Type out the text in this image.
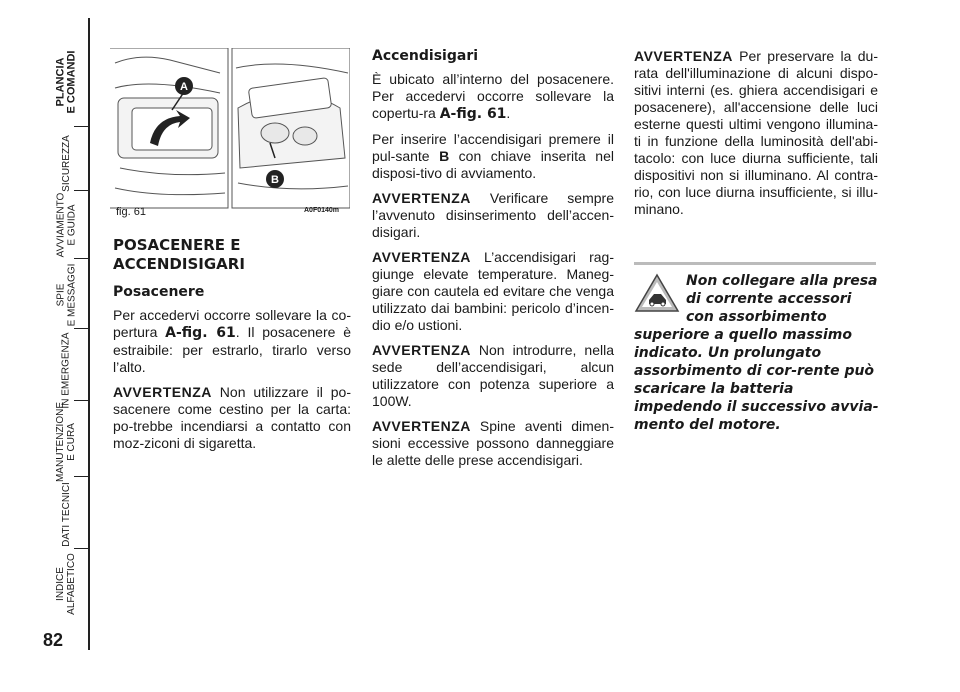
PLANCIA
E COMANDI
SICUREZZA
AVVIAMENTO
E GUIDA
SPIE
E MESSAGGI
IN EMERGENZA
MANUTENZIONE
E CURA
DATI TECNICI
INDICE
ALFABETICO
82
A
B
fig. 61	A0F0140m
POSACENERE E
ACCENDISIGARI
Posacenere

Per accedervi occorre sollevare la co-pertura A-fig. 61. Il posacenere è estraibile: per estrarlo, tirarlo verso l’alto.

AVVERTENZA Non utilizzare il po-sacenere come cestino per la carta: po-trebbe incendiarsi a contatto con moz-ziconi di sigaretta.

Accendisigari

È ubicato all’interno del posacenere. Per accedervi occorre sollevare la copertu-ra A-fig. 61.

Per inserire l’accendisigari premere il pul-sante B con chiave inserita nel disposi-tivo di avviamento.

AVVERTENZA Verificare sempre l’avvenuto disinserimento dell’accen-disigari.

AVVERTENZA L’accendisigari rag-giunge elevate temperature. Maneg-giare con cautela ed evitare che venga utilizzato dai bambini: pericolo d’incen-dio e/o ustioni.

AVVERTENZA Non introdurre, nella sede dell’accendisigari, alcun utilizzatore con potenza superiore a 100W.

AVVERTENZA Spine aventi dimen-sioni eccessive possono danneggiare le alette delle prese accendisigari.

AVVERTENZA Per preservare la du-rata dell'illuminazione di alcuni dispo-sitivi interni (es. ghiera accendisigari e posacenere), all'accensione delle luci esterne questi ultimi vengono illumina-ti in funzione della luminosità dell'abi-tacolo: con luce diurna sufficiente, tali dispositivi non si illuminano. Al contra-rio, con luce diurna insufficiente, si illu-minano.

Non collegare alla presa di corrente accessori con assorbimento superiore a quello massimo indicato. Un prolungato assorbimento di cor-rente può scaricare la batteria impedendo il successivo avvia-mento del motore.
